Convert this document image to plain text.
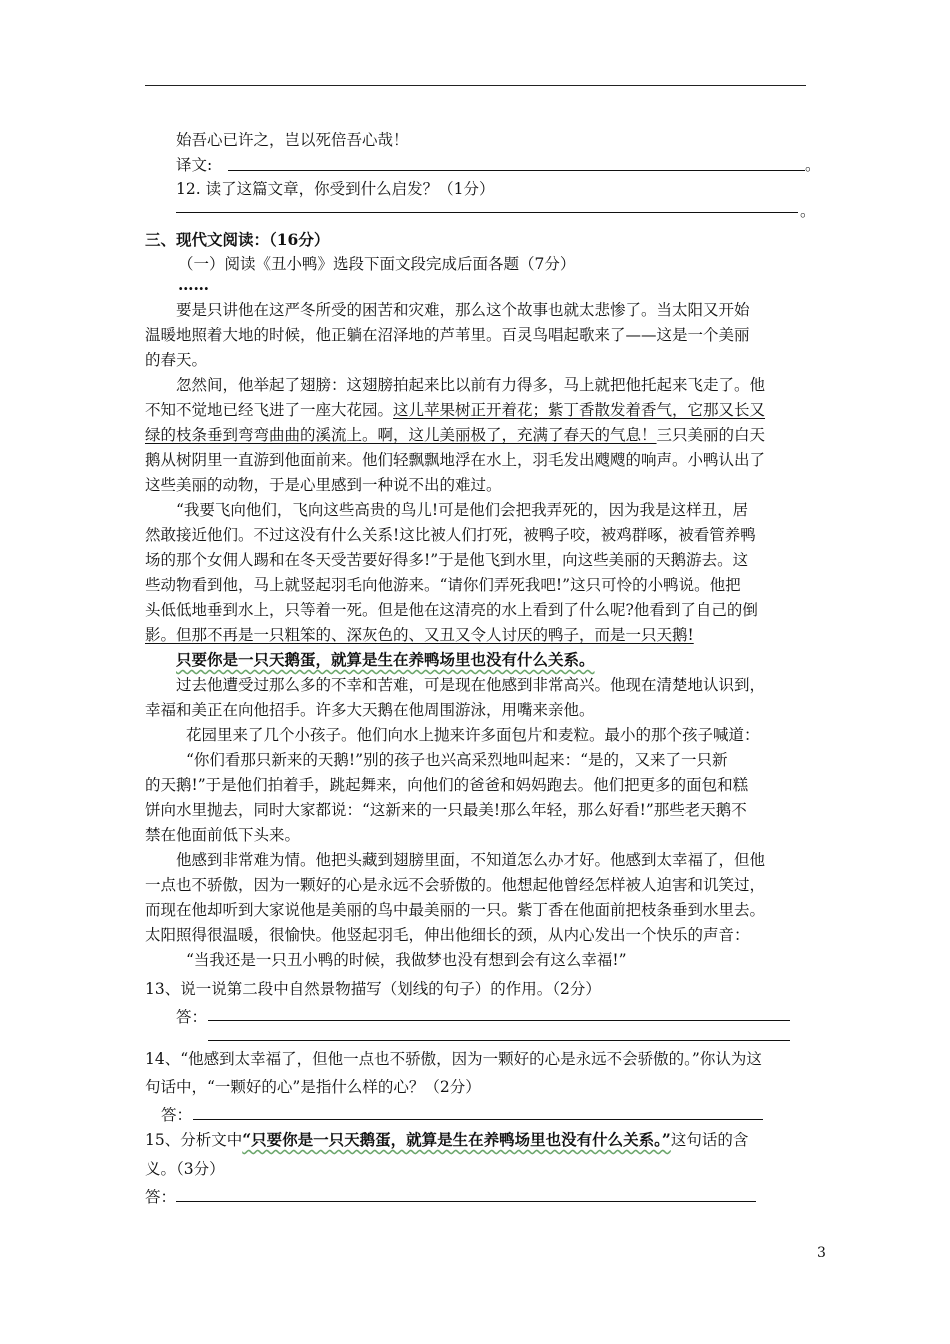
始吾心已许之，岂以死倍吾心哉！
译文:	。
12. 读了这篇文章，你受到什么启发？（1分）
。
三、现代文阅读：（16分）
（一）阅读《丑小鸭》选段下面文段完成后面各题（7分）
……
要是只讲他在这严冬所受的困苦和灾难，那么这个故事也就太悲惨了。当太阳又开始
温暖地照着大地的时候，他正躺在沼泽地的芦苇里。百灵鸟唱起歌来了——这是一个美丽
的春天。
忽然间，他举起了翅膀：这翅膀拍起来比以前有力得多，马上就把他托起来飞走了。他
不知不觉地已经飞进了一座大花园。这儿苹果树正开着花；紫丁香散发着香气，它那又长又
绿的枝条垂到弯弯曲曲的溪流上。啊，这儿美丽极了，充满了春天的气息！三只美丽的白天
鹅从树阴里一直游到他面前来。他们轻飘飘地浮在水上，羽毛发出飕飕的响声。小鸭认出了
这些美丽的动物，于是心里感到一种说不出的难过。
“我要飞向他们，飞向这些高贵的鸟儿!可是他们会把我弄死的，因为我是这样丑，居
然敢接近他们。不过这没有什么关系!这比被人们打死，被鸭子咬，被鸡群啄，被看管养鸭
场的那个女佣人踢和在冬天受苦要好得多!”于是他飞到水里，向这些美丽的天鹅游去。这
些动物看到他，马上就竖起羽毛向他游来。“请你们弄死我吧!”这只可怜的小鸭说。他把
头低低地垂到水上，只等着一死。但是他在这清亮的水上看到了什么呢?他看到了自己的倒
影。但那不再是一只粗笨的、深灰色的、又丑又令人讨厌的鸭子，而是一只天鹅!
只要你是一只天鹅蛋，就算是生在养鸭场里也没有什么关系。
过去他遭受过那么多的不幸和苦难，可是现在他感到非常高兴。他现在清楚地认识到，
幸福和美正在向他招手。许多大天鹅在他周围游泳，用嘴来亲他。
花园里来了几个小孩子。他们向水上抛来许多面包片和麦粒。最小的那个孩子喊道：
“你们看那只新来的天鹅!”别的孩子也兴高采烈地叫起来：“是的，又来了一只新
的天鹅!”于是他们拍着手，跳起舞来，向他们的爸爸和妈妈跑去。他们把更多的面包和糕
饼向水里抛去，同时大家都说：“这新来的一只最美!那么年轻，那么好看!”那些老天鹅不
禁在他面前低下头来。
他感到非常难为情。他把头藏到翅膀里面，不知道怎么办才好。他感到太幸福了，但他
一点也不骄傲，因为一颗好的心是永远不会骄傲的。他想起他曾经怎样被人迫害和讥笑过，
而现在他却听到大家说他是美丽的鸟中最美丽的一只。紫丁香在他面前把枝条垂到水里去。
太阳照得很温暖，很愉快。他竖起羽毛，伸出他细长的颈，从内心发出一个快乐的声音：
“当我还是一只丑小鸭的时候，我做梦也没有想到会有这么幸福!”
13、说一说第二段中自然景物描写（划线的句子）的作用。（2分）
答：
14、“他感到太幸福了，但他一点也不骄傲，因为一颗好的心是永远不会骄傲的。”你认为这
句话中，“一颗好的心”是指什么样的心？（2分）
答：
15、分析文中“只要你是一只天鹅蛋，就算是生在养鸭场里也没有什么关系。”这句话的含
义。（3分）
答：
3
